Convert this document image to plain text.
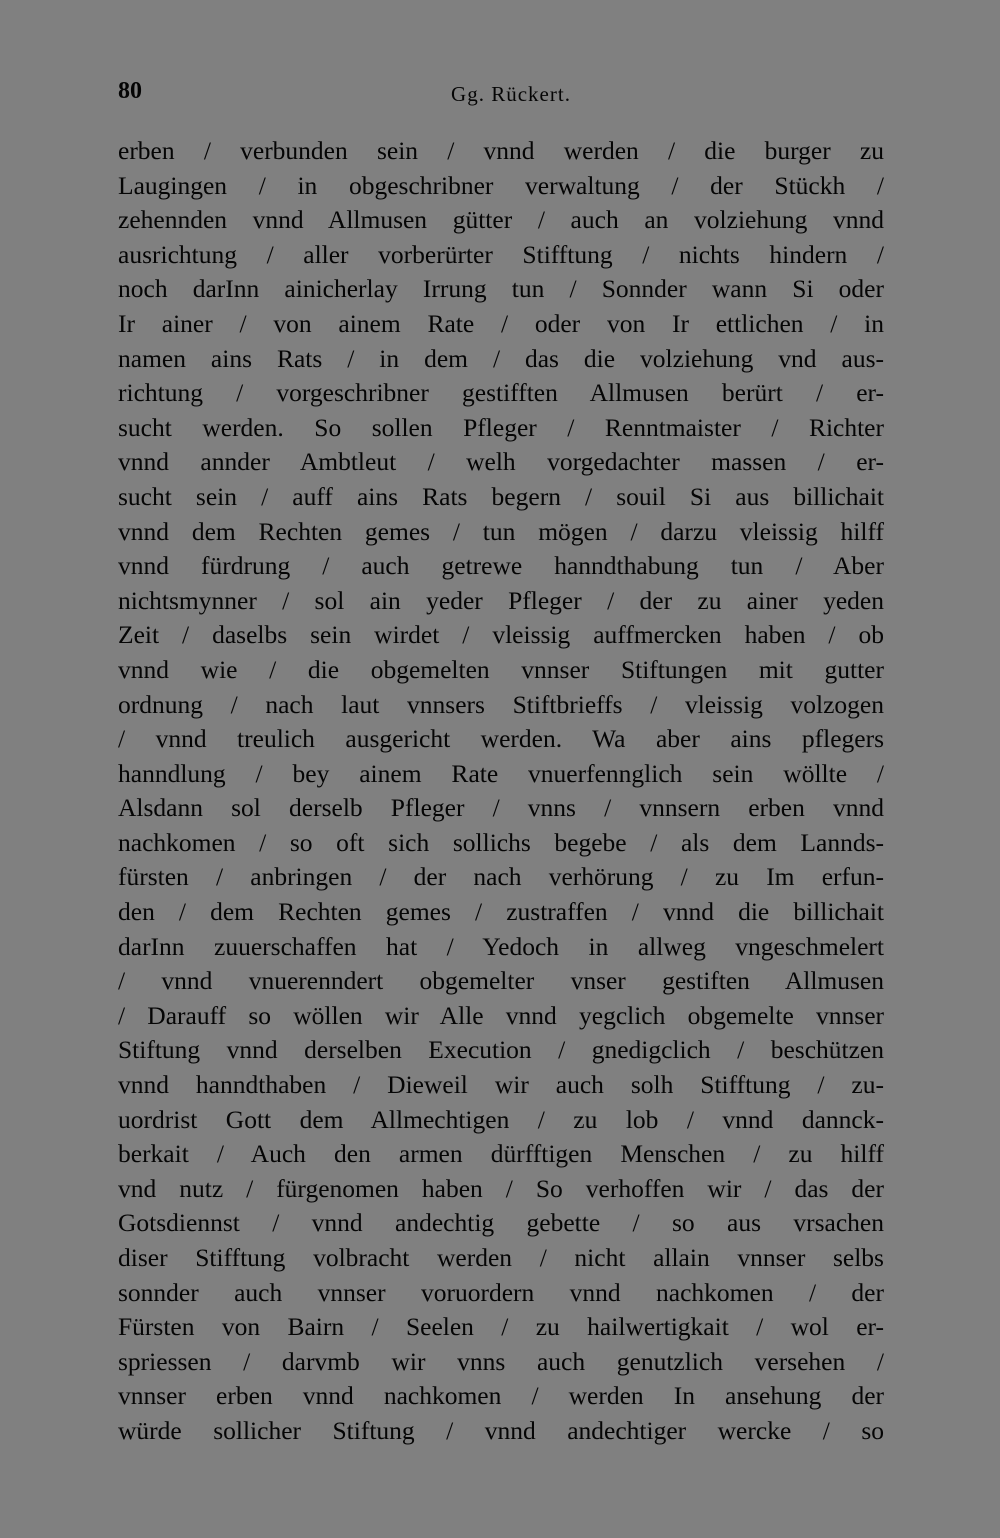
80	Gg. Rückert.
erben / verbunden sein / vnnd werden / die burger zu
Laugingen / in obgeschribner verwaltung / der Stückh /
zehennden vnnd Allmusen gütter / auch an volziehung vnnd
ausrichtung / aller vorberürter Stifftung / nichts hindern /
noch darInn ainicherlay Irrung tun / Sonnder wann Si oder
Ir ainer / von ainem Rate / oder von Ir ettlichen / in
namen ains Rats / in dem / das die volziehung vnd aus-
richtung / vorgeschribner gestifften Allmusen berürt / er-
sucht werden. So sollen Pfleger / Renntmaister / Richter
vnnd annder Ambtleut / welh vorgedachter massen / er-
sucht sein / auff ains Rats begern / souil Si aus billichait
vnnd dem Rechten gemes / tun mögen / darzu vleissig hilff
vnnd fürdrung / auch getrewe hanndthabung tun / Aber
nichtsmynner / sol ain yeder Pfleger / der zu ainer yeden
Zeit / daselbs sein wirdet / vleissig auffmercken haben / ob
vnnd wie / die obgemelten vnnser Stiftungen mit gutter
ordnung / nach laut vnnsers Stiftbrieffs / vleissig volzogen
/ vnnd treulich ausgericht werden. Wa aber ains pflegers
hanndlung / bey ainem Rate vnuerfennglich sein wöllte /
Alsdann sol derselb Pfleger / vnns / vnnsern erben vnnd
nachkomen / so oft sich sollichs begebe / als dem Lannds-
fürsten / anbringen / der nach verhörung / zu Im erfun-
den / dem Rechten gemes / zustraffen / vnnd die billichait
darInn zuuerschaffen hat / Yedoch in allweg vngeschmelert
/ vnnd vnuerenndert obgemelter vnser gestiften Allmusen
/ Darauff so wöllen wir Alle vnnd yegclich obgemelte vnnser
Stiftung vnnd derselben Execution / gnedigclich / beschützen
vnnd hanndthaben / Dieweil wir auch solh Stifftung / zu-
uordrist Gott dem Allmechtigen / zu lob / vnnd dannck-
berkait / Auch den armen dürfftigen Menschen / zu hilff
vnd nutz / fürgenomen haben / So verhoffen wir / das der
Gotsdiennst / vnnd andechtig gebette / so aus vrsachen
diser Stifftung volbracht werden / nicht allain vnnser selbs
sonnder auch vnnser voruordern vnnd nachkomen / der
Fürsten von Bairn / Seelen / zu hailwertigkait / wol er-
spriessen / darvmb wir vnns auch genutzlich versehen /
vnnser erben vnnd nachkomen / werden In ansehung der
würde sollicher Stiftung / vnnd andechtiger wercke / so
